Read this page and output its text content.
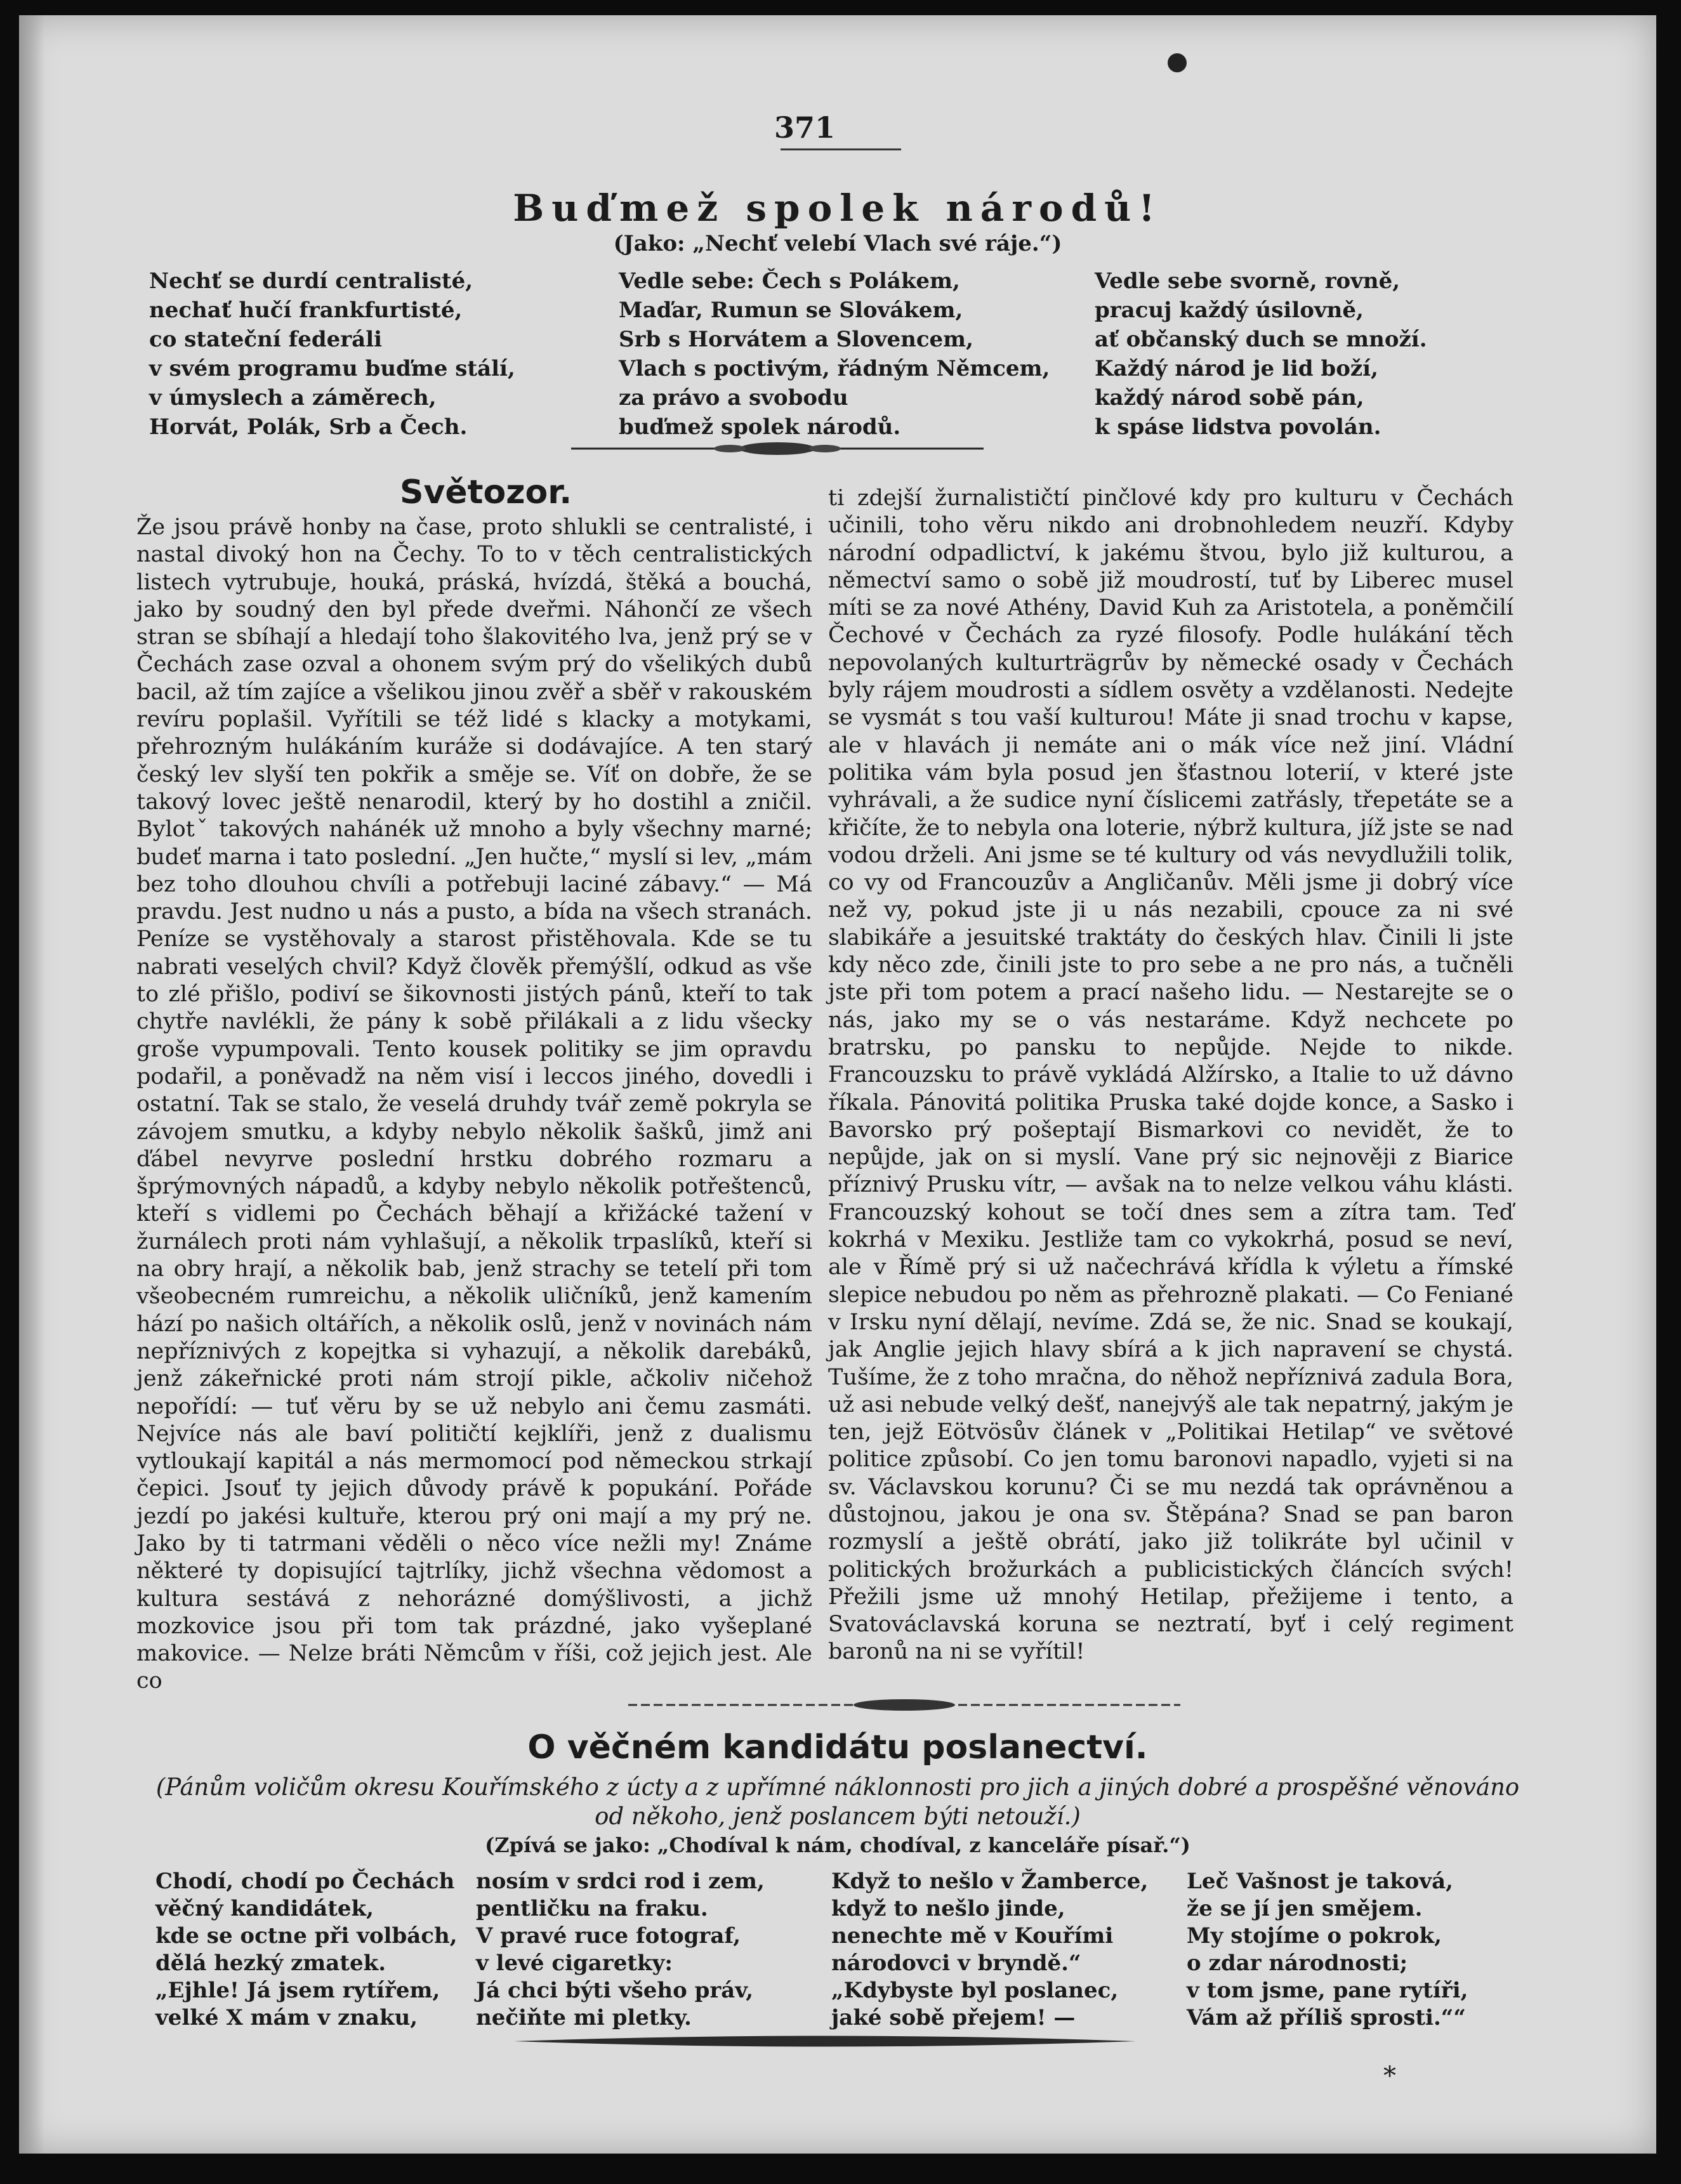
371
Buďmež spolek národů!
(Jako: „Nechť velebí Vlach své ráje.“)
Nechť se durdí centralisté,
nechať hučí frankfurtisté,
co stateční federáli
v svém programu buďme stálí,
v úmyslech a záměrech,
Horvát, Polák, Srb a Čech.
Vedle sebe: Čech s Polákem,
Maďar, Rumun se Slovákem,
Srb s Horvátem a Slovencem,
Vlach s poctivým, řádným Němcem,
za právo a svobodu
buďmež spolek národů.
Vedle sebe svorně, rovně,
pracuj každý úsilovně,
ať občanský duch se množí.
Každý národ je lid boží,
každý národ sobě pán,
k spáse lidstva povolán.
Světozor.

Že jsou právě honby na čase, proto shlukli se centralisté, i nastal divoký hon na Čechy. To to v těch centralistických listech vytrubuje, houká, práská, hvízdá, štěká a bouchá, jako by soudný den byl přede dveřmi. Náhončí ze všech stran se sbíhají a hledají toho šlakovitého lva, jenž prý se v Čechách zase ozval a ohonem svým prý do všelikých dubů bacil, až tím zajíce a všelikou jinou zvěř a sběř v rakouském revíru poplašil. Vyřítili se též lidé s klacky a motykami, přehrozným hulákáním kuráže si dodávajíce. A ten starý český lev slyší ten pokřik a směje se. Víť on dobře, že se takový lovec ještě nenarodil, který by ho dostihl a zničil. Bylotˇ takových nahánék už mnoho a byly všechny marné; budeť marna i tato poslední. „Jen hučte,“ myslí si lev, „mám bez toho dlouhou chvíli a potřebuji laciné zábavy.“ — Má pravdu. Jest nudno u nás a pusto, a bída na všech stranách. Peníze se vystěhovaly a starost přistěhovala. Kde se tu nabrati veselých chvil? Když člověk přemýšlí, odkud as vše to zlé přišlo, podiví se šikovnosti jistých pánů, kteří to tak chytře navlékli, že pány k sobě přilákali a z lidu všecky groše vypumpovali. Tento kousek politiky se jim opravdu podařil, a poněvadž na něm visí i leccos jiného, dovedli i ostatní. Tak se stalo, že veselá druhdy tvář země pokryla se závojem smutku, a kdyby nebylo několik šašků, jimž ani ďábel nevyrve poslední hrstku dobrého rozmaru a šprýmovných nápadů, a kdyby nebylo několik potřeštenců, kteří s vidlemi po Čechách běhají a křižácké tažení v žurnálech proti nám vyhlašují, a několik trpaslíků, kteří si na obry hrají, a několik bab, jenž strachy se tetelí při tom všeobecném rumreichu, a několik uličníků, jenž kamením hází po našich oltářích, a několik oslů, jenž v novinách nám nepříznivých z kopejtka si vyhazují, a několik darebáků, jenž zákeřnické proti nám strojí pikle, ačkoliv ničehož nepořídí: — tuť věru by se už nebylo ani čemu zasmáti. Nejvíce nás ale baví političtí kejklíři, jenž z dualismu vytloukají kapitál a nás mermomocí pod německou strkají čepici. Jsouť ty jejich důvody právě k popukání. Pořáde jezdí po jakési kultuře, kterou prý oni mají a my prý ne. Jako by ti tatrmani věděli o něco více nežli my! Známe některé ty dopisující tajtrlíky, jichž všechna vědomost a kultura sestává z nehorázné domýšlivosti, a jichž mozkovice jsou při tom tak prázdné, jako vyšeplané makovice. — Nelze bráti Němcům v říši, což jejich jest. Ale co

ti zdejší žurnalističtí pinčlové kdy pro kulturu v Čechách učinili, toho věru nikdo ani drobnohledem neuzří. Kdyby národní odpadlictví, k jakému štvou, bylo již kulturou, a němectví samo o sobě již moudrostí, tuť by Liberec musel míti se za nové Athény, David Kuh za Aristotela, a poněmčilí Čechové v Čechách za ryzé filosofy. Podle hulákání těch nepovolaných kulturträgrův by německé osady v Čechách byly rájem moudrosti a sídlem osvěty a vzdělanosti. Nedejte se vysmát s tou vaší kulturou! Máte ji snad trochu v kapse, ale v hlavách ji nemáte ani o mák více než jiní. Vládní politika vám byla posud jen šťastnou loterií, v které jste vyhrávali, a že sudice nyní číslicemi zatřásly, třepetáte se a křičíte, že to nebyla ona loterie, nýbrž kultura, jíž jste se nad vodou drželi. Ani jsme se té kultury od vás nevydlužili tolik, co vy od Francouzův a Angličanův. Měli jsme ji dobrý více než vy, pokud jste ji u nás nezabili, cpouce za ni své slabikáře a jesuitské traktáty do českých hlav. Činili li jste kdy něco zde, činili jste to pro sebe a ne pro nás, a tučněli jste při tom potem a prací našeho lidu. — Nestarejte se o nás, jako my se o vás nestaráme. Když nechcete po bratrsku, po pansku to nepůjde. Nejde to nikde. Francouzsku to právě vykládá Alžírsko, a Italie to už dávno říkala. Pánovitá politika Pruska také dojde konce, a Sasko i Bavorsko prý pošeptají Bismarkovi co nevidět, že to nepůjde, jak on si myslí. Vane prý sic nejnověji z Biarice příznivý Prusku vítr, — avšak na to nelze velkou váhu klásti. Francouzský kohout se točí dnes sem a zítra tam. Teď kokrhá v Mexiku. Jestliže tam co vykokrhá, posud se neví, ale v Římě prý si už načechrává křídla k výletu a římské slepice nebudou po něm as přehrozně plakati. — Co Feniané v Irsku nyní dělají, nevíme. Zdá se, že nic. Snad se koukají, jak Anglie jejich hlavy sbírá a k jich napravení se chystá. Tušíme, že z toho mračna, do něhož nepříznivá zadula Bora, už asi nebude velký dešť, nanejvýš ale tak nepatrný, jakým je ten, jejž Eötvösův článek v „Politikai Hetilap“ ve světové politice způsobí. Co jen tomu baronovi napadlo, vyjeti si na sv. Václavskou korunu? Či se mu nezdá tak oprávněnou a důstojnou, jakou je ona sv. Štěpána? Snad se pan baron rozmyslí a ještě obrátí, jako již tolikráte byl učinil v politických brožurkách a publicistických článcích svých! Přežili jsme už mnohý Hetilap, přežijeme i tento, a Svatováclavská koruna se neztratí, byť i celý regiment baronů na ni se vyřítil!

O věčném kandidátu poslanectví.
(Pánům voličům okresu Kouřímského z úcty a z upřímné náklonnosti pro jich a jiných dobré a prospěšné věnováno od někoho, jenž poslancem býti netouží.)
(Zpívá se jako: „Chodíval k nám, chodíval, z kanceláře písař.“)
Chodí, chodí po Čechách
věčný kandidátek,
kde se octne při volbách,
dělá hezký zmatek.
„Ejhle! Já jsem rytířem,
velké X mám v znaku,
nosím v srdci rod i zem,
pentličku na fraku.
V pravé ruce fotograf,
v levé cigaretky:
Já chci býti všeho práv,
nečiňte mi pletky.
Když to nešlo v Žamberce,
když to nešlo jinde,
nenechte mě v Kouřími
národovci v bryndě.“
„Kdybyste byl poslanec,
jaké sobě přejem! —
Leč Vašnost je taková,
že se jí jen smějem.
My stojíme o pokrok,
o zdar národnosti;
v tom jsme, pane rytíři,
Vám až příliš sprosti.““
*
